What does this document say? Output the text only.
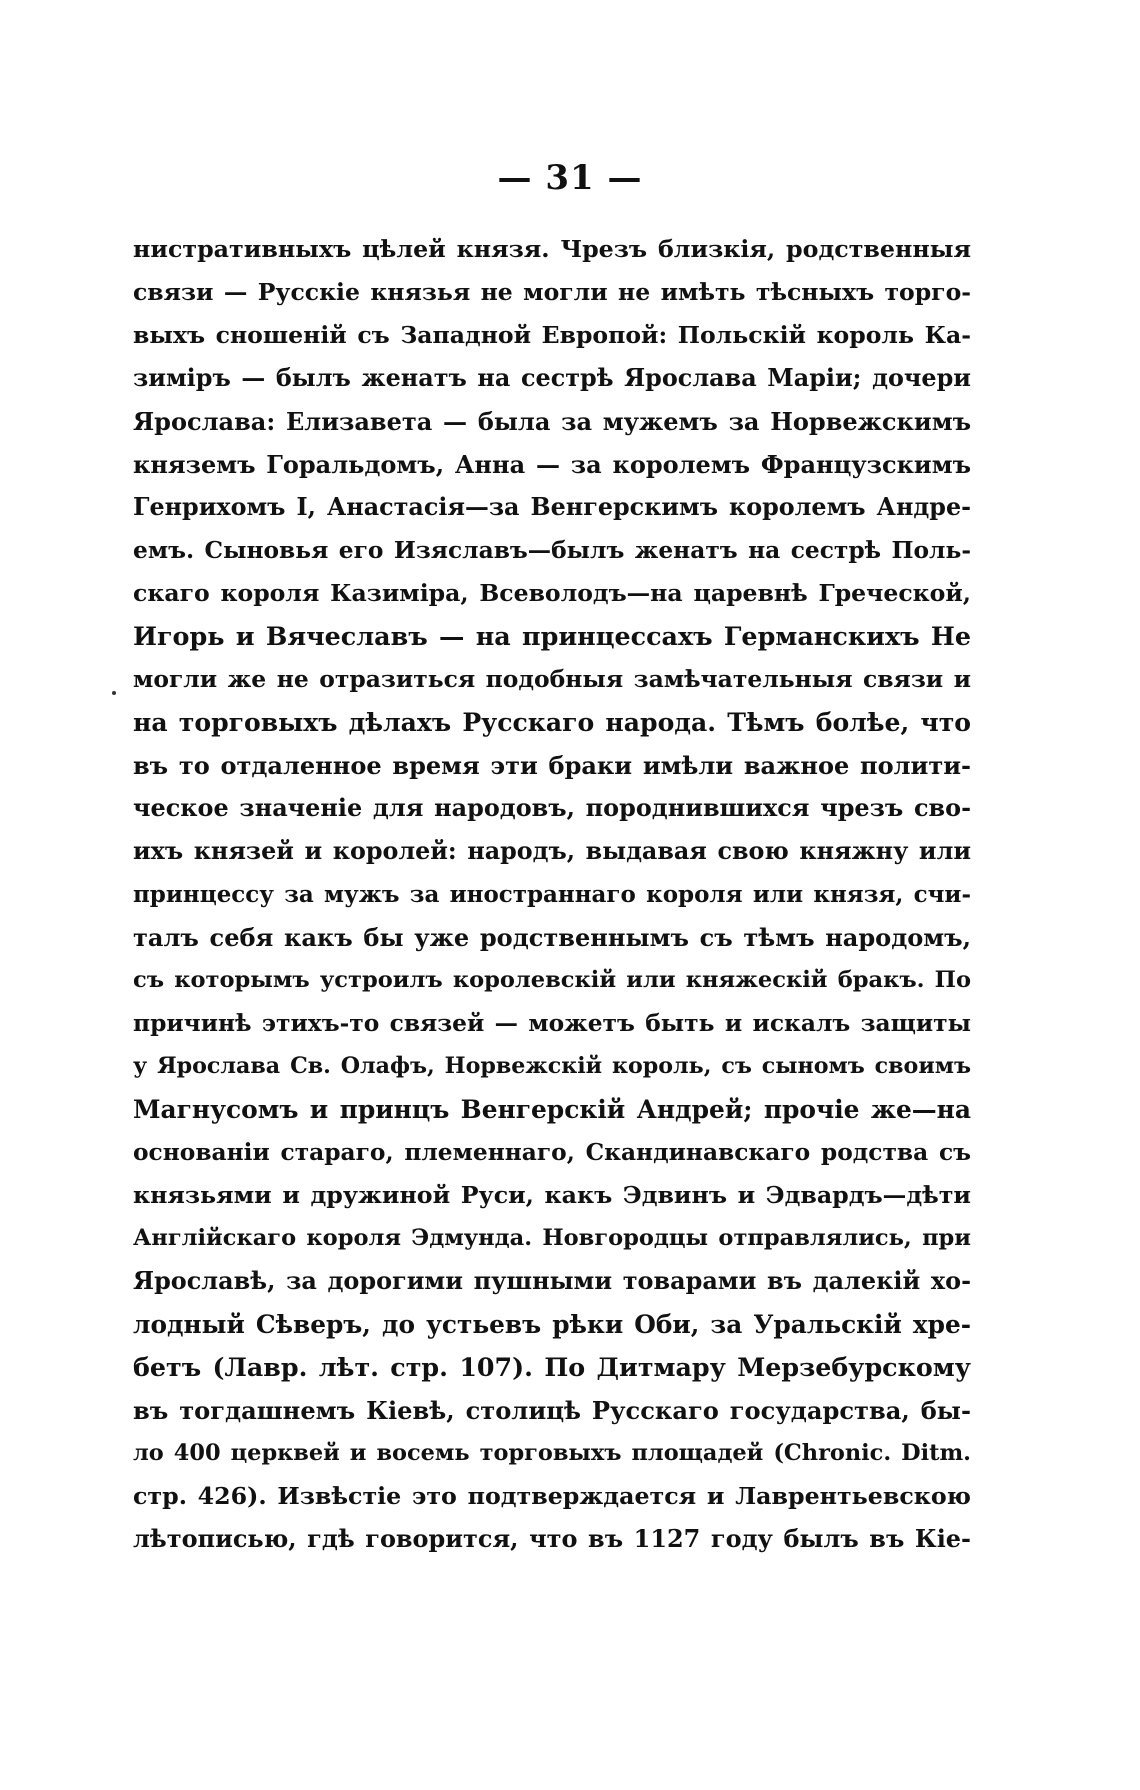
— 31 —
нистративныхъ цѣлей князя. Чрезъ близкія, родственныя
связи — Русскіе князья не могли не имѣть тѣсныхъ торго-
выхъ сношеній съ Западной Европой: Польскій король Ка-
зиміръ — былъ женатъ на сестрѣ Ярослава Маріи; дочери
Ярослава: Елизавета — была за мужемъ за Норвежскимъ
княземъ Горальдомъ, Анна — за королемъ Французскимъ
Генрихомъ I, Анастасія—за Венгерскимъ королемъ Андре-
емъ. Сыновья его Изяславъ—былъ женатъ на сестрѣ Поль-
скаго короля Казиміра, Всеволодъ—на царевнѣ Греческой,
Игорь и Вячеславъ — на принцессахъ Германскихъ Не
могли же не отразиться подобныя замѣчательныя связи и
на торговыхъ дѣлахъ Русскаго народа. Тѣмъ болѣе, что
въ то отдаленное время эти браки имѣли важное полити-
ческое значеніе для народовъ, породнившихся чрезъ сво-
ихъ князей и королей: народъ, выдавая свою княжну или
принцессу за мужъ за иностраннаго короля или князя, счи-
талъ себя какъ бы уже родственнымъ съ тѣмъ народомъ,
съ которымъ устроилъ королевскій или княжескій бракъ. По
причинѣ этихъ-то связей — можетъ быть и искалъ защиты
у Ярослава Св. Олафъ, Норвежскій король, съ сыномъ своимъ
Магнусомъ и принцъ Венгерскій Андрей; прочіе же—на
основаніи стараго, племеннаго, Скандинавскаго родства съ
князьями и дружиной Руси, какъ Эдвинъ и Эдвардъ—дѣти
Англійскаго короля Эдмунда. Новгородцы отправлялись, при
Ярославѣ, за дорогими пушными товарами въ далекій хо-
лодный Сѣверъ, до устьевъ рѣки Оби, за Уральскій хре-
бетъ (Лавр. лѣт. стр. 107). По Дитмару Мерзебурскому
въ тогдашнемъ Кіевѣ, столицѣ Русскаго государства, бы-
ло 400 церквей и восемь торговыхъ площадей (Chronic. Ditm.
стр. 426). Извѣстіе это подтверждается и Лаврентьевскою
лѣтописью, гдѣ говорится, что въ 1127 году былъ въ Кіе-
